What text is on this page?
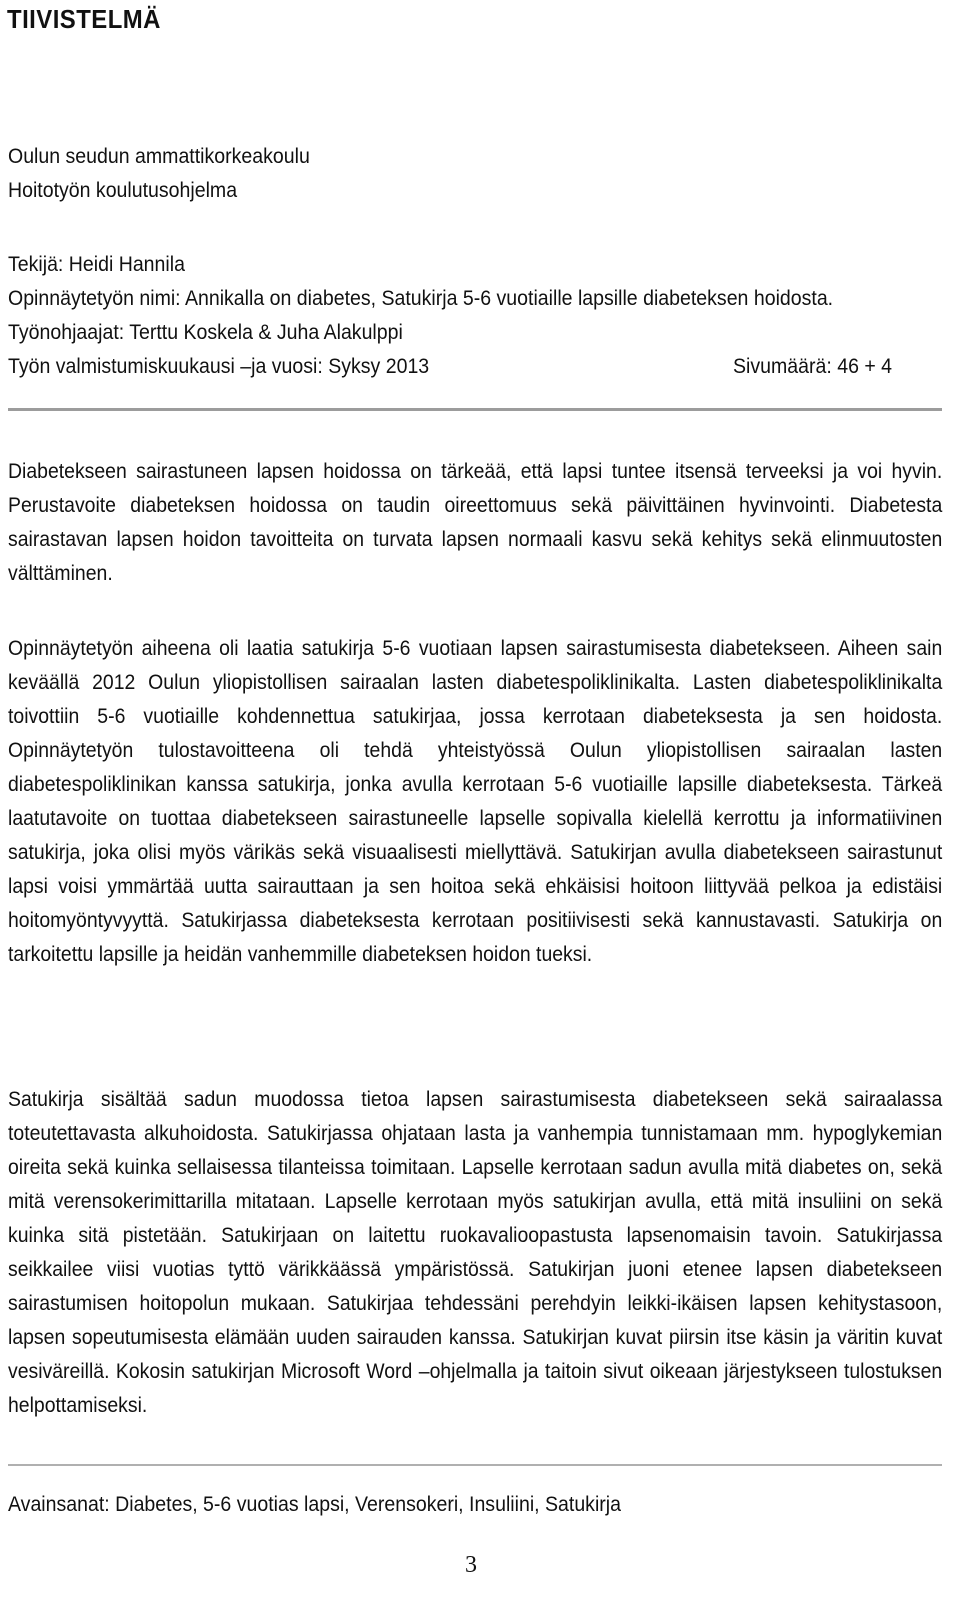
TIIVISTELMÄ
Oulun seudun ammattikorkeakoulu
Hoitotyön koulutusohjelma
Tekijä: Heidi Hannila
Opinnäytetyön nimi: Annikalla on diabetes, Satukirja 5-6 vuotiaille lapsille diabeteksen hoidosta.
Työnohjaajat: Terttu Koskela & Juha Alakulppi
Työn valmistumiskuukausi –ja vuosi: Syksy 2013	Sivumäärä: 46 + 4

Diabetekseen sairastuneen lapsen hoidossa on tärkeää, että lapsi tuntee itsensä terveeksi ja voi hyvin. Perustavoite diabeteksen hoidossa on taudin oireettomuus sekä päivittäinen hyvinvointi. Diabetesta sairastavan lapsen hoidon tavoitteita on turvata lapsen normaali kasvu sekä kehitys sekä elinmuutosten välttäminen.

Opinnäytetyön aiheena oli laatia satukirja 5-6 vuotiaan lapsen sairastumisesta diabetekseen. Aiheen sain keväällä 2012 Oulun yliopistollisen sairaalan lasten diabetespoliklinikalta. Lasten diabetespoliklinikalta toivottiin 5-6 vuotiaille kohdennettua satukirjaa, jossa kerrotaan diabeteksesta ja sen hoidosta. Opinnäytetyön tulostavoitteena oli tehdä yhteistyössä Oulun yliopistollisen sairaalan lasten diabetespoliklinikan kanssa satukirja, jonka avulla kerrotaan 5-6 vuotiaille lapsille diabeteksesta. Tärkeä laatutavoite on tuottaa diabetekseen sairastuneelle lapselle sopivalla kielellä kerrottu ja informatiivinen satukirja, joka olisi myös värikäs sekä visuaalisesti miellyttävä. Satukirjan avulla diabetekseen sairastunut lapsi voisi ymmärtää uutta sairauttaan ja sen hoitoa sekä ehkäisisi hoitoon liittyvää pelkoa ja edistäisi hoitomyöntyvyyttä. Satukirjassa diabeteksesta kerrotaan positiivisesti sekä kannustavasti. Satukirja on tarkoitettu lapsille ja heidän vanhemmille diabeteksen hoidon tueksi.

Satukirja sisältää sadun muodossa tietoa lapsen sairastumisesta diabetekseen sekä sairaalassa toteutettavasta alkuhoidosta. Satukirjassa ohjataan lasta ja vanhempia tunnistamaan mm. hypoglykemian oireita sekä kuinka sellaisessa tilanteissa toimitaan. Lapselle kerrotaan sadun avulla mitä diabetes on, sekä mitä verensokerimittarilla mitataan. Lapselle kerrotaan myös satukirjan avulla, että mitä insuliini on sekä kuinka sitä pistetään. Satukirjaan on laitettu ruokavalioopastusta lapsenomaisin tavoin. Satukirjassa seikkailee viisi vuotias tyttö värikkäässä ympäristössä. Satukirjan juoni etenee lapsen diabetekseen sairastumisen hoitopolun mukaan. Satukirjaa tehdessäni perehdyin leikki-ikäisen lapsen kehitystasoon, lapsen sopeutumisesta elämään uuden sairauden kanssa. Satukirjan kuvat piirsin itse käsin ja väritin kuvat vesiväreillä. Kokosin satukirjan Microsoft Word –ohjelmalla ja taitoin sivut oikeaan järjestykseen tulostuksen helpottamiseksi.

Avainsanat: Diabetes, 5-6 vuotias lapsi, Verensokeri, Insuliini, Satukirja
3
